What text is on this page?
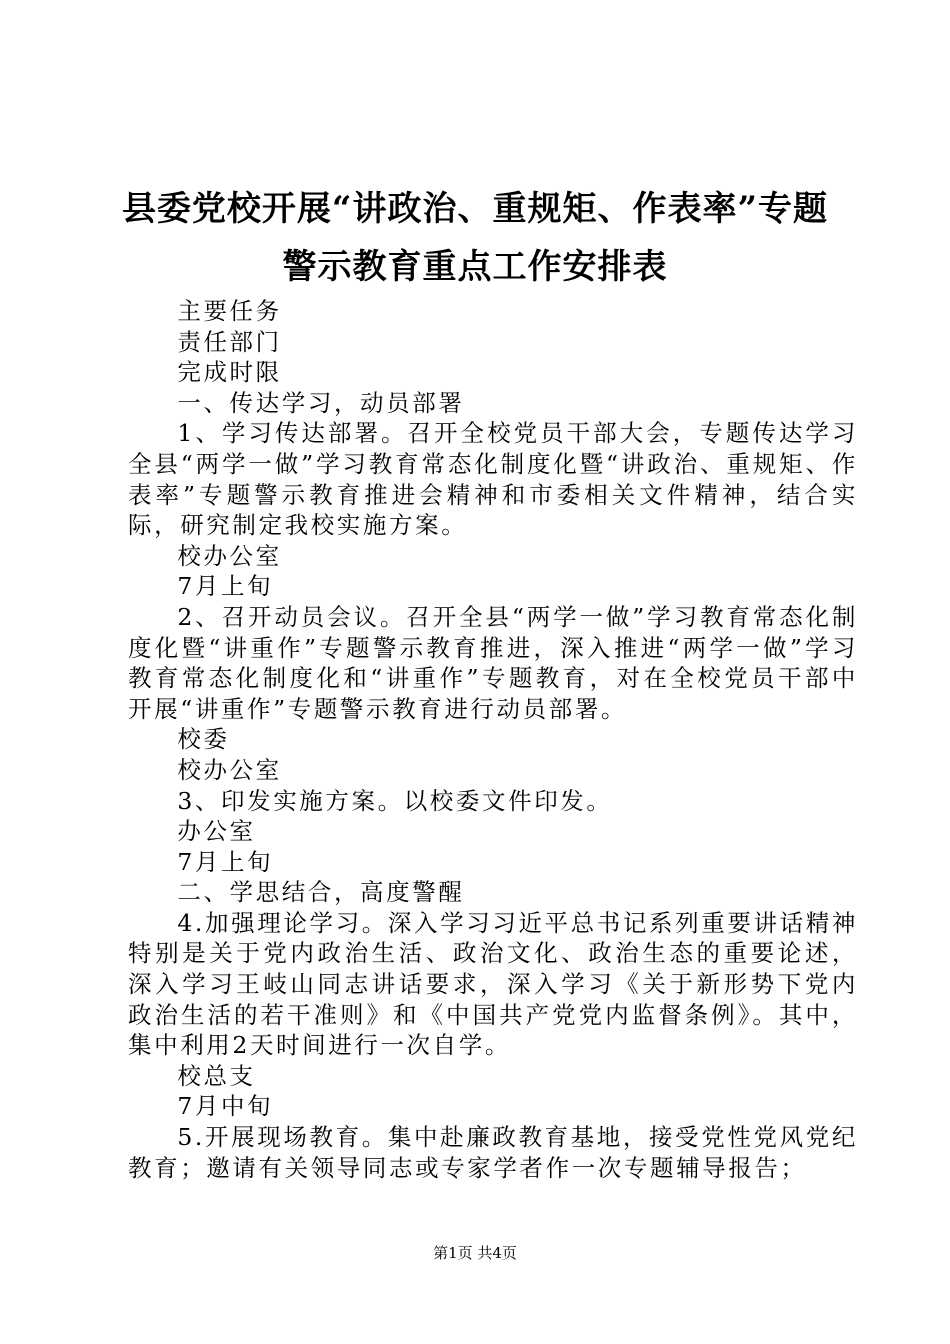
县委党校开展“讲政治、重规矩、作表率”专题警示教育重点工作安排表

主要任务

责任部门

完成时限

一、传达学习，动员部署

1、学习传达部署。召开全校党员干部大会，专题传达学习全县“两学一做”学习教育常态化制度化暨“讲政治、重规矩、作表率”专题警示教育推进会精神和市委相关文件精神，结合实际，研究制定我校实施方案。

校办公室

7月上旬

2、召开动员会议。召开全县“两学一做”学习教育常态化制度化暨“讲重作”专题警示教育推进，深入推进“两学一做”学习教育常态化制度化和“讲重作”专题教育，对在全校党员干部中开展“讲重作”专题警示教育进行动员部署。

校委

校办公室

3、印发实施方案。以校委文件印发。

办公室

7月上旬

二、学思结合，高度警醒

4.加强理论学习。深入学习习近平总书记系列重要讲话精神特别是关于党内政治生活、政治文化、政治生态的重要论述，深入学习王岐山同志讲话要求，深入学习《关于新形势下党内政治生活的若干准则》和《中国共产党党内监督条例》。其中，集中利用2天时间进行一次自学。

校总支

7月中旬

5.开展现场教育。集中赴廉政教育基地，接受党性党风党纪教育；邀请有关领导同志或专家学者作一次专题辅导报告；

第1页 共4页
